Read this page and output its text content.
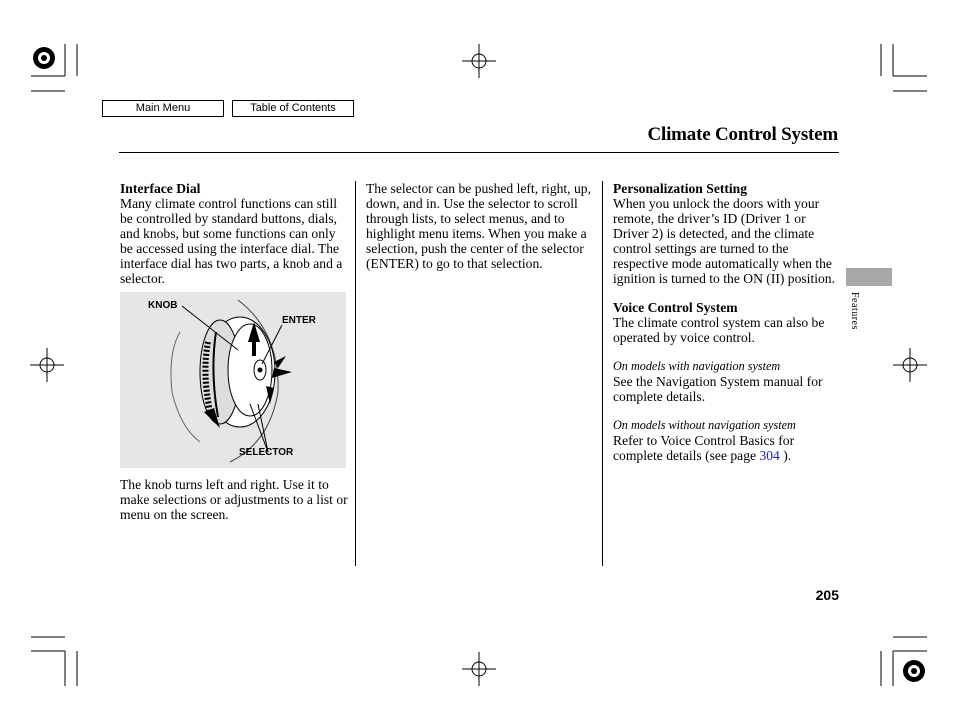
Main Menu	Table of Contents
Climate Control System

Interface Dial

Many climate control functions can still be controlled by standard buttons, dials, and knobs, but some functions can only be accessed using the interface dial. The interface dial has two parts, a knob and a selector.

KNOB
ENTER
SELECTOR

The knob turns left and right. Use it to make selections or adjustments to a list or menu on the screen.

The selector can be pushed left, right, up, down, and in. Use the selector to scroll through lists, to select menus, and to highlight menu items. When you make a selection, push the center of the selector (ENTER) to go to that selection.

Personalization Setting

When you unlock the doors with your remote, the driver’s ID (Driver 1 or Driver 2) is detected, and the climate control settings are turned to the respective mode automatically when the ignition is turned to the ON (II) position.

Voice Control System

The climate control system can also be operated by voice control.

On models with navigation system

See the Navigation System manual for complete details.

On models without navigation system

Refer to Voice Control Basics for complete details (see page 304 ).

Features
205
